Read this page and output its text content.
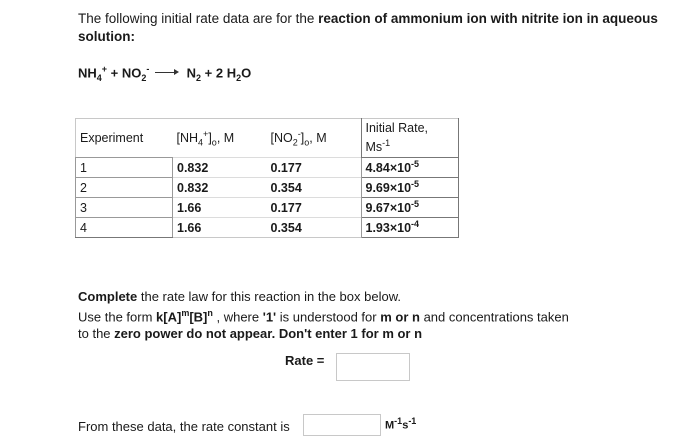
The following initial rate data are for the reaction of ammonium ion with nitrite ion in aqueous solution:
$NH_4^+ + NO_2^-$	$N_2 + 2$ $H_2O$
Experiment	$[NH_4^+]_o$, M	$[NO_2^-]_o$, M	Initial Rate,
$Ms^{-1}$
1	0.832	0.177	$4.84\times 10^{-5}$
2	0.832	0.354	$9.69\times 10^{-5}$
3	1.66	0.177	$9.67\times 10^{-5}$
4	1.66	0.354	$1.93\times 10^{-4}$
Complete the rate law for this reaction in the box below.
Use the form $k[A]^m[B]^n$ , where '1' is understood for m or n and concentrations taken
to the zero power do not appear. Don't enter 1 for m or n
Rate =
From these data, the rate constant is	$M^{-1}s^{-1}$
